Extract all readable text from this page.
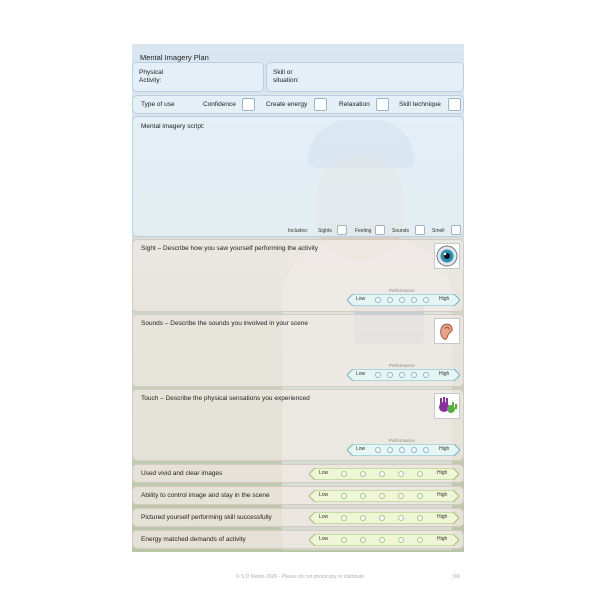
Mental Imagery Plan
Physical Activity:
Skill or situation:
Type of use	Confidence	Create energy	Relaxation	Skill technique
Mental imagery script:
Includes: Sights	Feeling	Sounds	Smell
Sight – Describe how you saw yourself performing the activity
Performance
Low	High
Sounds – Describe the sounds you involved in your scene
Performance
Low	High
Touch – Describe the physical sensations you experienced
Performance
Low	High
Used vivid and clear images	Low	High
Ability to control image and stay in the scene	Low	High
Pictured yourself performing skill successfully	Low	High
Energy matched demands of activity	Low	High
© S D Martin 2026 - Please do not photocopy or distribute	166
